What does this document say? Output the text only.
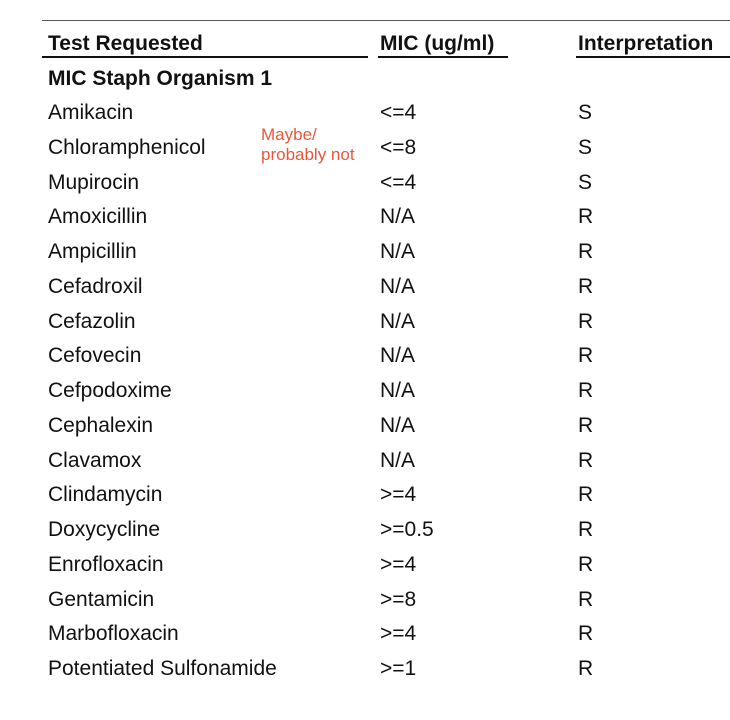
Test Requested	MIC (ug/ml)	Interpretation
MIC Staph Organism 1
Amikacin	<=4	S
Chloramphenicol	<=8	S
Mupirocin	<=4	S
Amoxicillin	N/A	R
Ampicillin	N/A	R
Cefadroxil	N/A	R
Cefazolin	N/A	R
Cefovecin	N/A	R
Cefpodoxime	N/A	R
Cephalexin	N/A	R
Clavamox	N/A	R
Clindamycin	>=4	R
Doxycycline	>=0.5	R
Enrofloxacin	>=4	R
Gentamicin	>=8	R
Marbofloxacin	>=4	R
Potentiated Sulfonamide	>=1	R
Maybe/
probably not
